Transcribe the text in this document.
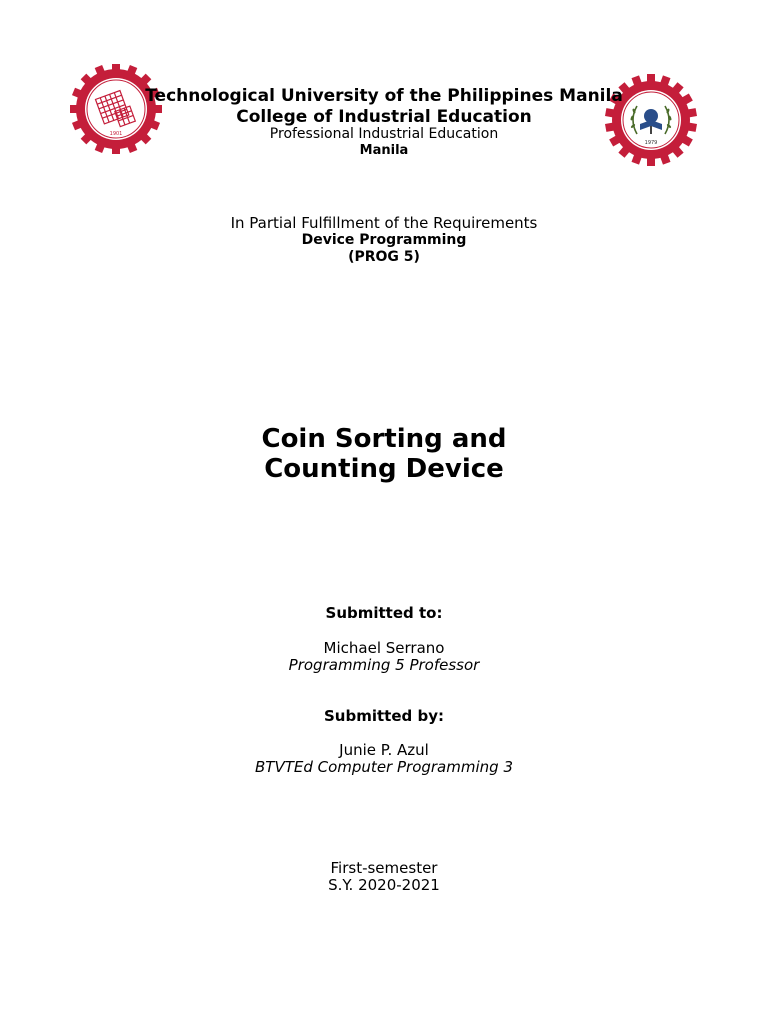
1901
1979
Technological University of the Philippines Manila
College of Industrial Education
Professional Industrial Education
Manila
In Partial Fulfillment of the Requirements
Device Programming
(PROG 5)
Coin Sorting and
Counting Device
Submitted to:
Michael Serrano
Programming 5 Professor
Submitted by:
Junie P. Azul
BTVTEd Computer Programming 3
First-semester
S.Y. 2020-2021
